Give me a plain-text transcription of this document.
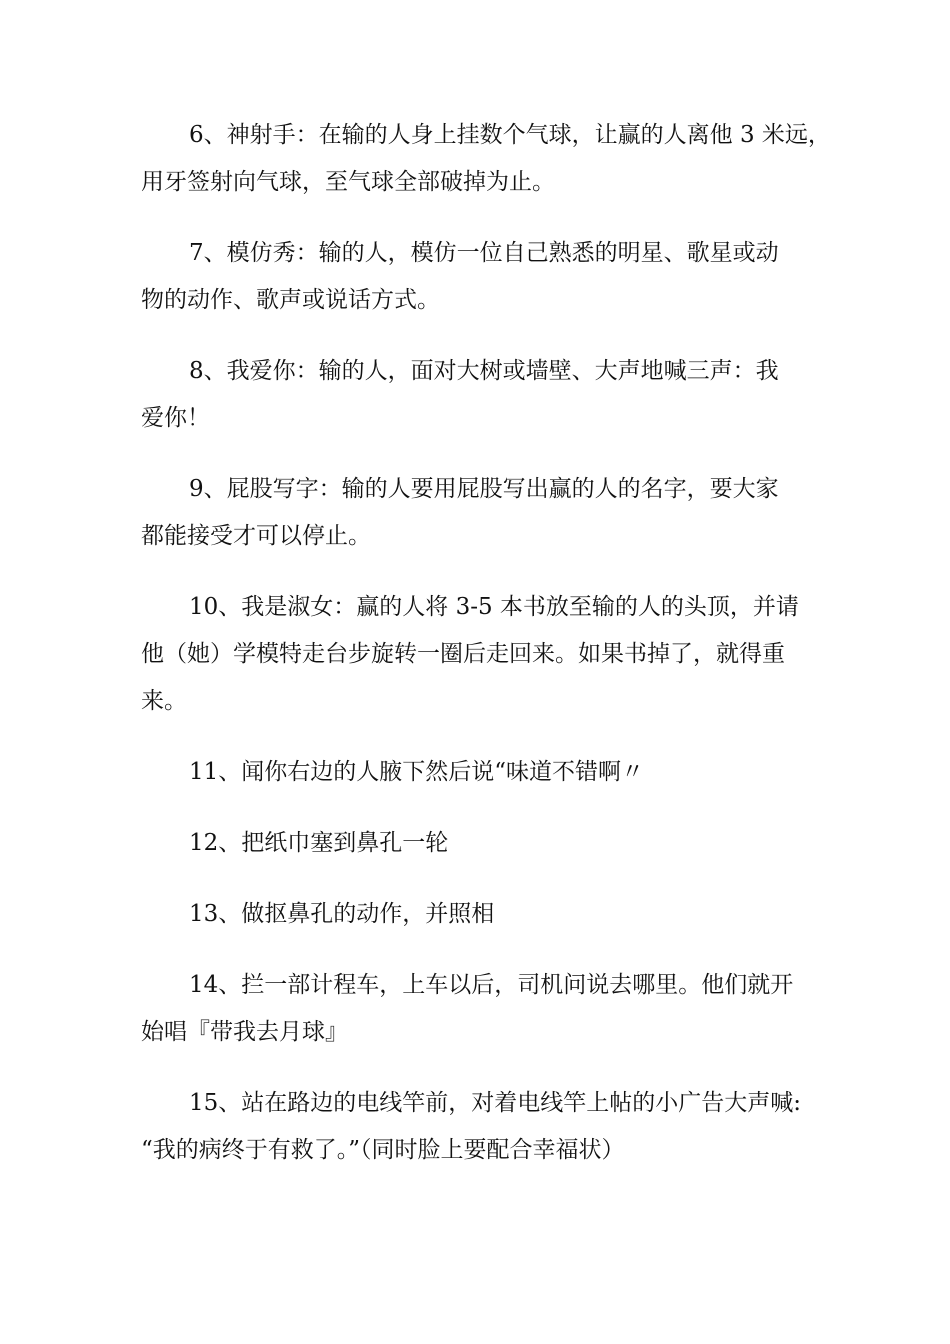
6、神射手：在输的人身上挂数个气球，让赢的人离他 3 米远，
用牙签射向气球，至气球全部破掉为止。
7、模仿秀：输的人，模仿一位自己熟悉的明星、歌星或动
物的动作、歌声或说话方式。
8、我爱你：输的人，面对大树或墙壁、大声地喊三声：我
爱你！
9、屁股写字：输的人要用屁股写出赢的人的名字，要大家
都能接受才可以停止。
10、我是淑女：赢的人将 3-5 本书放至输的人的头顶，并请
他（她）学模特走台步旋转一圈后走回来。如果书掉了，就得重
来。
11、闻你右边的人腋下然后说“味道不错啊〃
12、把纸巾塞到鼻孔一轮
13、做抠鼻孔的动作，并照相
14、拦一部计程车，上车以后，司机问说去哪里。他们就开
始唱『带我去月球』
15、站在路边的电线竿前，对着电线竿上帖的小广告大声喊:
“我的病终于有救了。”（同时脸上要配合幸福状）
